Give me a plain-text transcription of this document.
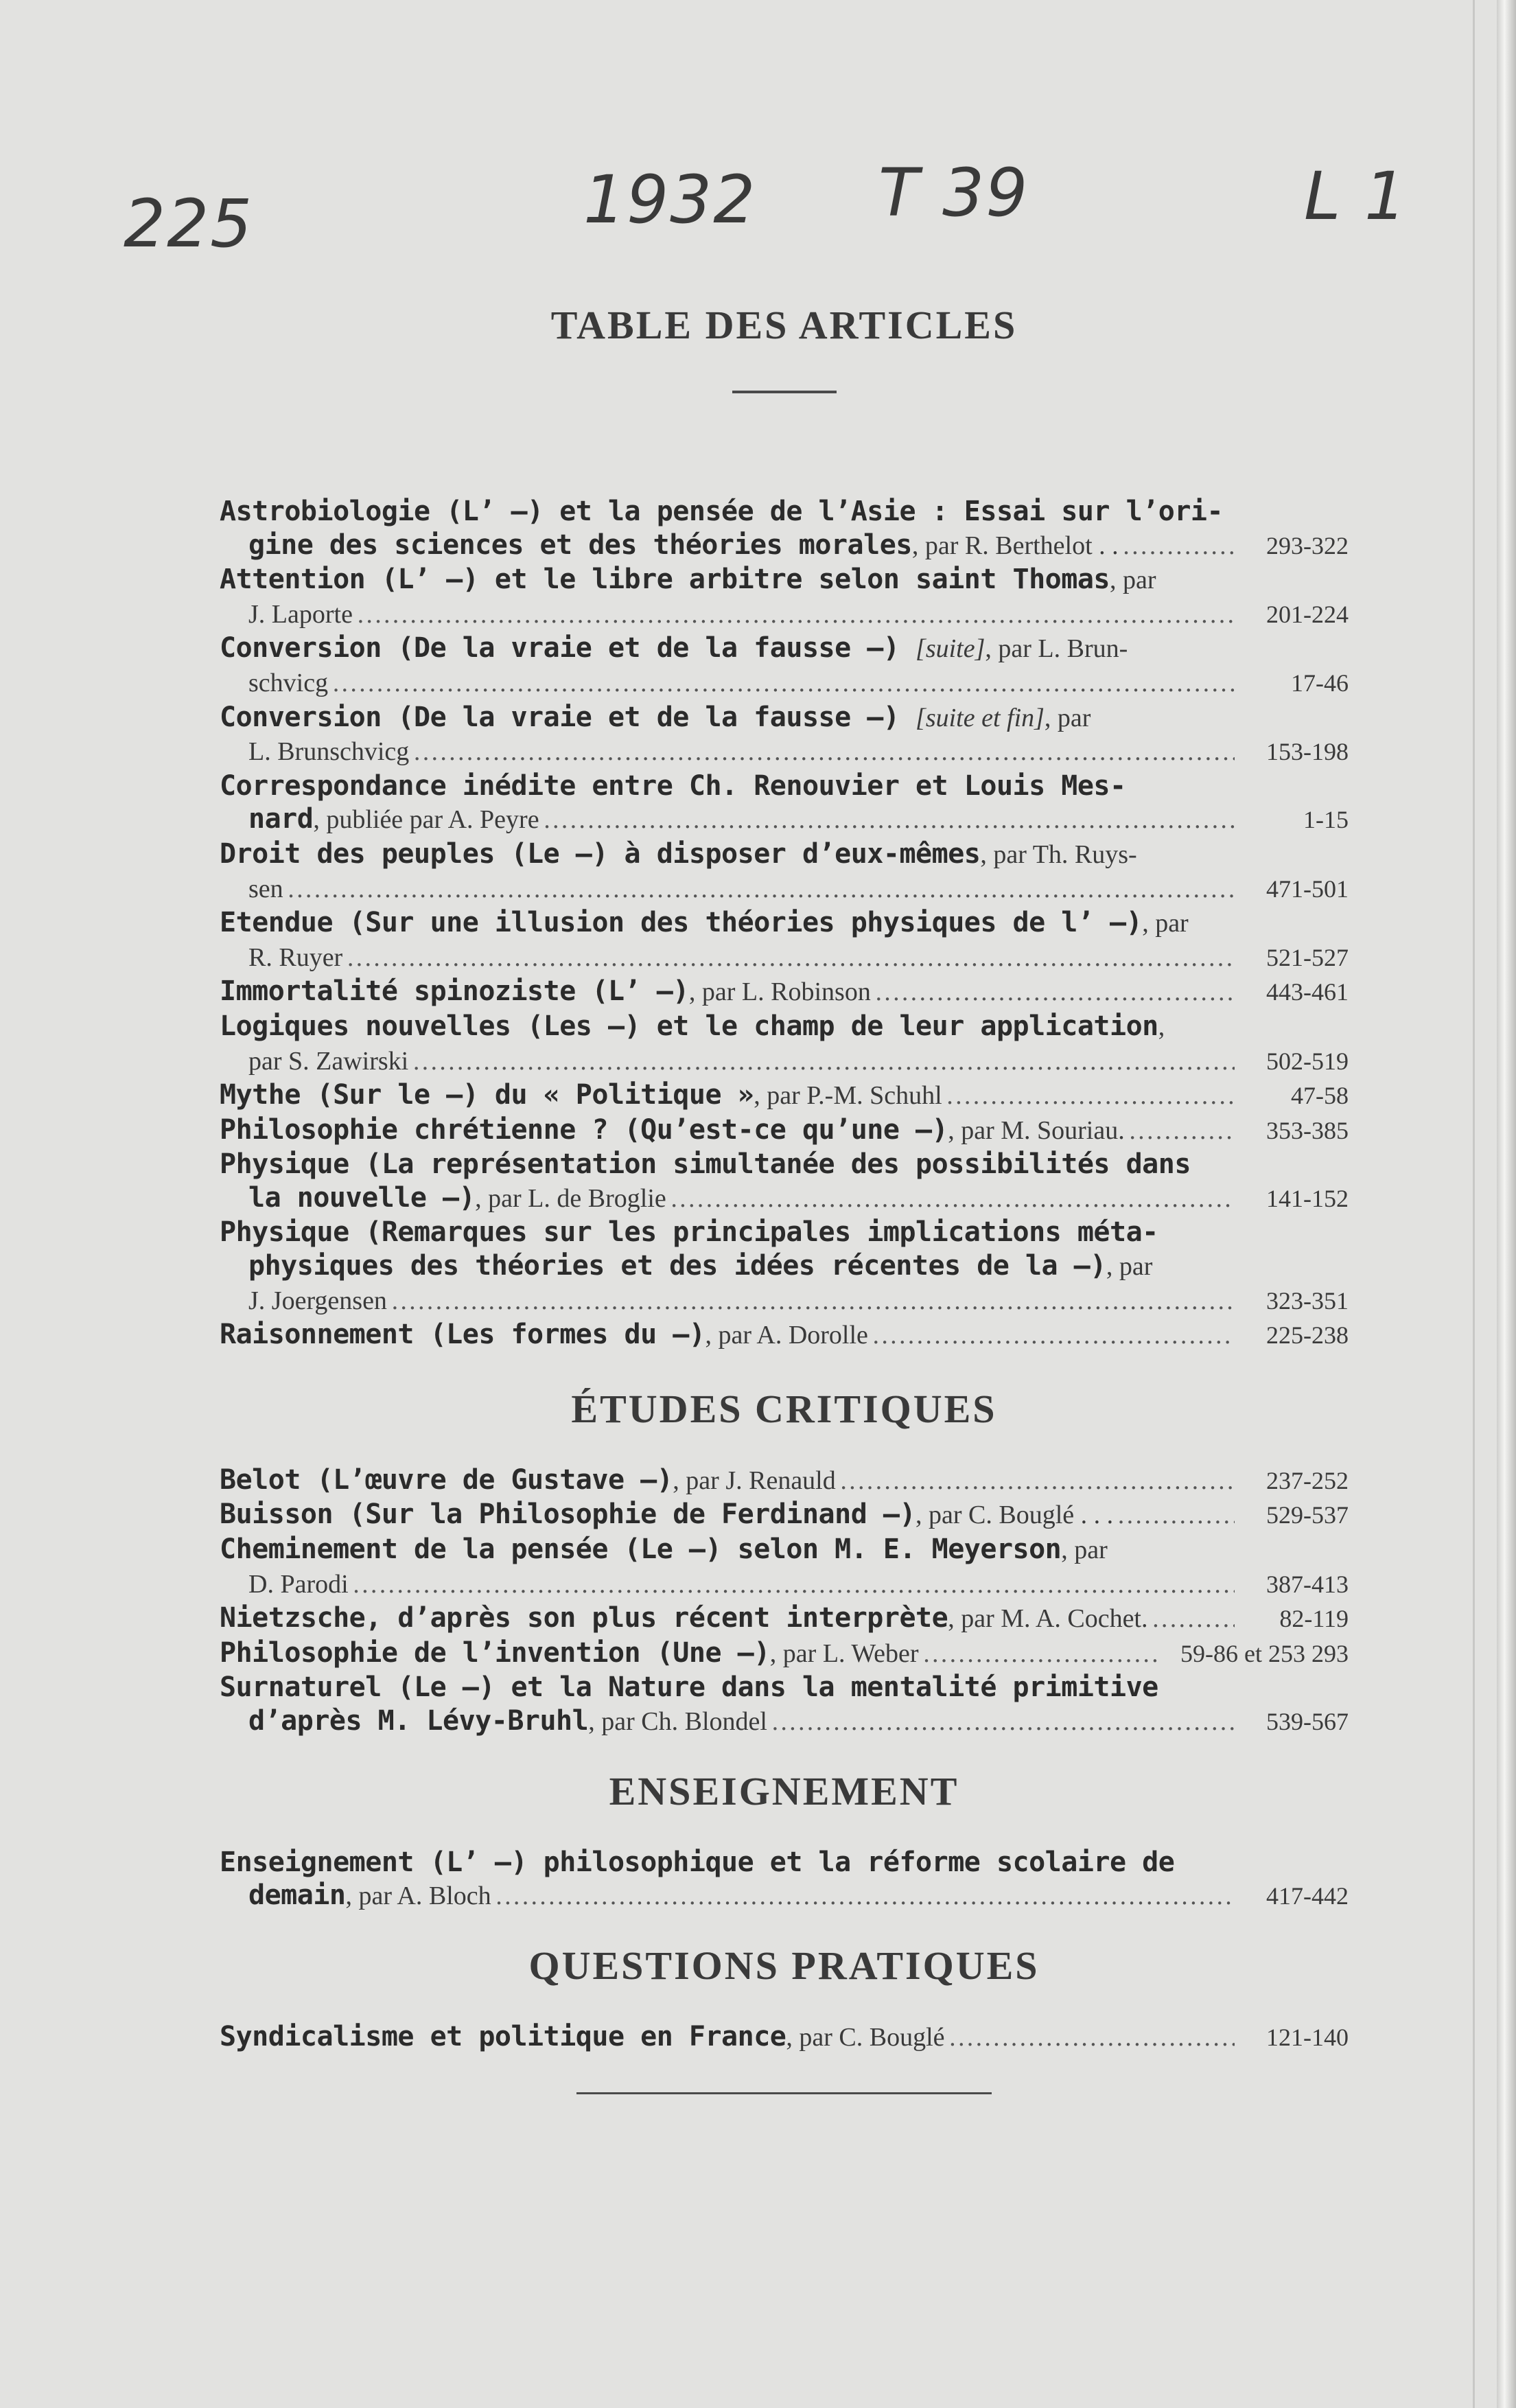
225	1932 T 39	L 1
TABLE DES ARTICLES
Astrobiologie (L’ —) et la pensée de l’Asie : Essai sur l’ori-
gine des sciences et des théories morales, par R. Berthelot . . .....	293-322
Attention (L’ —) et le libre arbitre selon saint Thomas, par
J. Laporte .....	201-224
Conversion (De la vraie et de la fausse —) [suite], par L. Brun-
schvicg .....	17-46
Conversion (De la vraie et de la fausse —) [suite et fin], par
L. Brunschvicg .....	153-198
Correspondance inédite entre Ch. Renouvier et Louis Mes-
nard, publiée par A. Peyre .....	1-15
Droit des peuples (Le —) à disposer d’eux-mêmes, par Th. Ruys-
sen .....	471-501
Etendue (Sur une illusion des théories physiques de l’ —), par
R. Ruyer .....	521-527
Immortalité spinoziste (L’ —), par L. Robinson .....	443-461
Logiques nouvelles (Les —) et le champ de leur application,
par S. Zawirski .....	502-519
Mythe (Sur le —) du « Politique », par P.-M. Schuhl .....	47-58
Philosophie chrétienne ? (Qu’est-ce qu’une —), par M. Souriau. .....	353-385
Physique (La représentation simultanée des possibilités dans
la nouvelle —), par L. de Broglie .....	141-152
Physique (Remarques sur les principales implications méta-
physiques des théories et des idées récentes de la —), par
J. Joergensen .....	323-351
Raisonnement (Les formes du —), par A. Dorolle .....	225-238
ÉTUDES CRITIQUES
Belot (L’œuvre de Gustave —), par J. Renauld .....	237-252
Buisson (Sur la Philosophie de Ferdinand —), par C. Bouglé . . . .....	529-537
Cheminement de la pensée (Le —) selon M. E. Meyerson, par
D. Parodi .....	387-413
Nietzsche, d’après son plus récent interprète, par M. A. Cochet. .....	82-119
Philosophie de l’invention (Une —), par L. Weber .....	59-86 et 253 293
Surnaturel (Le —) et la Nature dans la mentalité primitive
d’après M. Lévy-Bruhl, par Ch. Blondel .....	539-567
ENSEIGNEMENT
Enseignement (L’ —) philosophique et la réforme scolaire de
demain, par A. Bloch .....	417-442
QUESTIONS PRATIQUES
Syndicalisme et politique en France, par C. Bouglé .....	121-140
